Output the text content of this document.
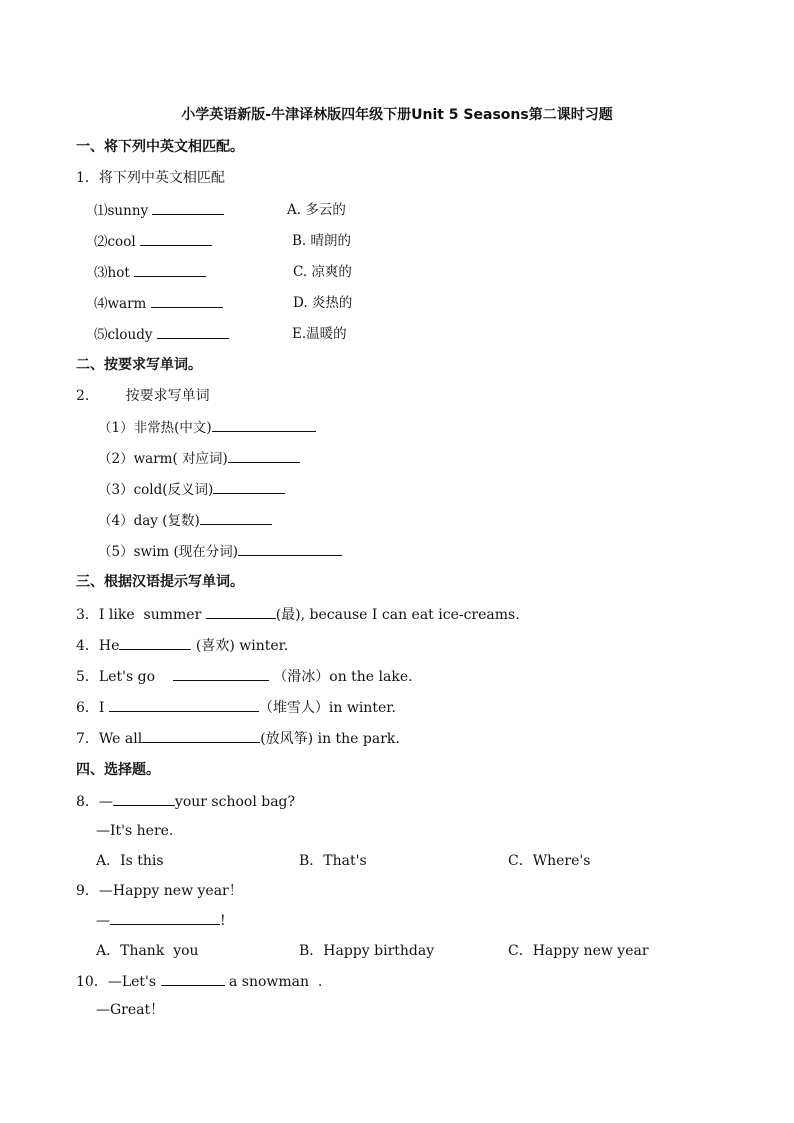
小学英语新版-牛津译林版四年级下册Unit 5 Seasons第二课时习题
一、将下列中英文相匹配。
1．将下列中英文相匹配
⑴sunny	A. 多云的
⑵cool	B. 晴朗的
⑶hot	C. 凉爽的
⑷warm	D. 炎热的
⑸cloudy	E.温暖的
二、按要求写单词。
2．      按要求写单词
（1）非常热(中文)
（2）warm( 对应词)
（3）cold(反义词)
（4）day (复数)
（5）swim (现在分词)
三、根据汉语提示写单词。
3．I like  summer	(最), because I can eat ice-creams.
4．He	(喜欢) winter.
5．Let's go	（滑冰）on the lake.
6．I	（堆雪人）in winter.
7．We all	(放风筝) in the park.
四、选择题。
8．—	your school bag?
—It's here.
A．Is this	B．That's	C．Where's
9．—Happy new year！
—	!
A．Thank  you	B．Happy birthday	C．Happy new year
10．—Let's	a snowman  .
—Great！
